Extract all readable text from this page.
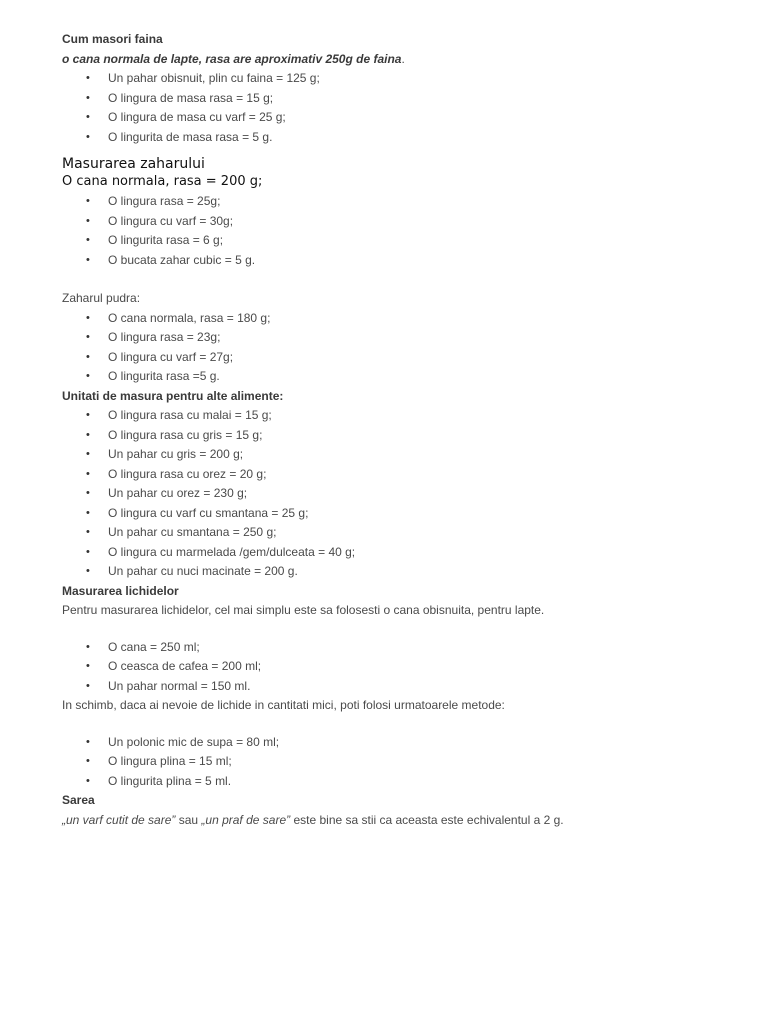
Cum masori faina
o cana normala de lapte, rasa are aproximativ 250g de faina.
• Un pahar obisnuit, plin cu faina = 125 g;
• O lingura de masa rasa = 15 g;
• O lingura de masa cu varf = 25 g;
• O lingurita de masa rasa = 5 g.
Masurarea zaharului
O cana normala, rasa = 200 g;
• O lingura rasa = 25g;
• O lingura cu varf = 30g;
• O lingurita rasa = 6 g;
• O bucata zahar cubic = 5 g.
Zaharul pudra:
• O cana normala, rasa = 180 g;
• O lingura rasa = 23g;
• O lingura cu varf = 27g;
• O lingurita rasa =5 g.
Unitati de masura pentru alte alimente:
• O lingura rasa cu malai = 15 g;
• O lingura rasa cu gris = 15 g;
• Un pahar cu gris = 200 g;
• O lingura rasa cu orez = 20 g;
• Un pahar cu orez = 230 g;
• O lingura cu varf cu smantana = 25 g;
• Un pahar cu smantana = 250 g;
• O lingura cu marmelada /gem/dulceata = 40 g;
• Un pahar cu nuci macinate = 200 g.
Masurarea lichidelor
Pentru masurarea lichidelor, cel mai simplu este sa folosesti o cana obisnuita, pentru lapte.
• O cana = 250 ml;
• O ceasca de cafea = 200 ml;
• Un pahar normal = 150 ml.
In schimb, daca ai nevoie de lichide in cantitati mici, poti folosi urmatoarele metode:
• Un polonic mic de supa = 80 ml;
• O lingura plina = 15 ml;
• O lingurita plina = 5 ml.
Sarea
„un varf cutit de sare” sau „un praf de sare” este bine sa stii ca aceasta este echivalentul a 2 g.
